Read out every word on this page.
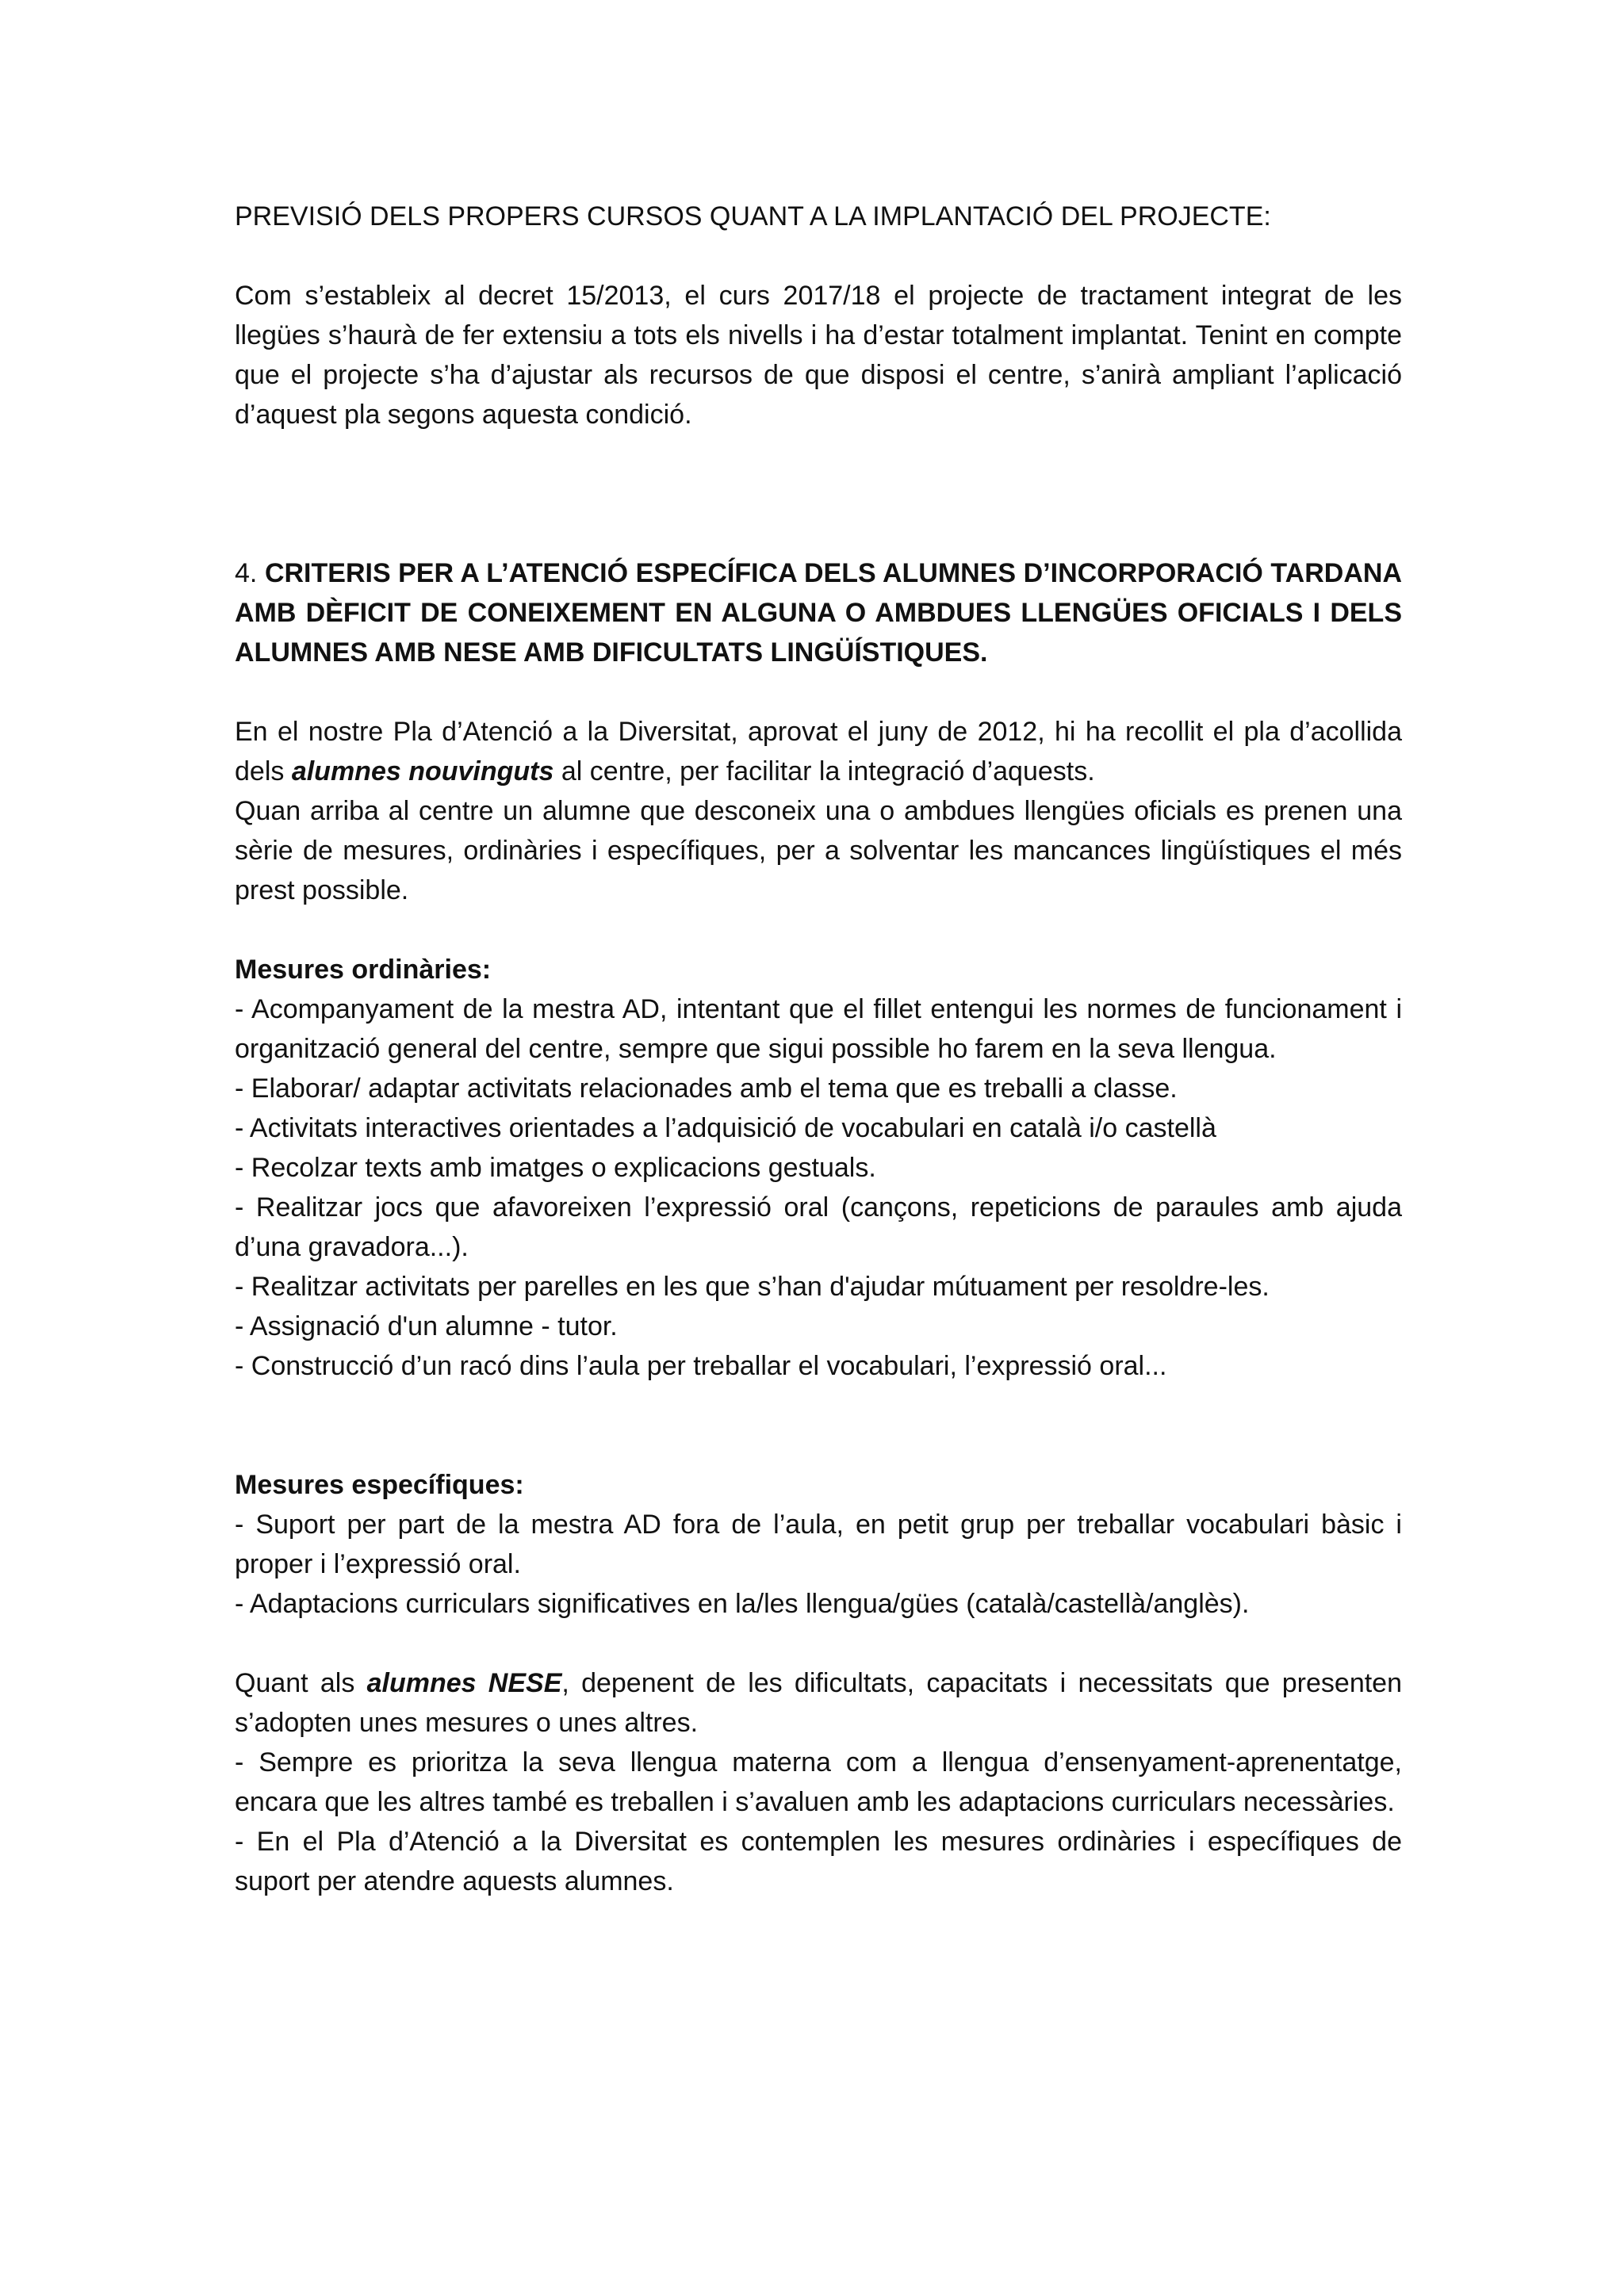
PREVISIÓ DELS PROPERS CURSOS QUANT A LA IMPLANTACIÓ DEL PROJECTE:

Com s’estableix al decret 15/2013, el curs 2017/18 el projecte de tractament integrat de les llegües s’haurà de fer extensiu a tots els nivells i ha d’estar totalment implantat. Tenint en compte que el projecte s’ha d’ajustar als recursos de que disposi el centre, s’anirà ampliant l’aplicació d’aquest pla segons aquesta condició.

4. CRITERIS PER A L’ATENCIÓ ESPECÍFICA DELS ALUMNES D’INCORPORACIÓ TARDANA AMB DÈFICIT DE CONEIXEMENT EN ALGUNA O AMBDUES LLENGÜES OFICIALS I DELS ALUMNES AMB NESE AMB DIFICULTATS LINGÜÍSTIQUES.

En el nostre Pla d’Atenció a la Diversitat, aprovat el juny de 2012, hi ha recollit el pla d’acollida dels alumnes nouvinguts al centre, per facilitar la integració d’aquests.

Quan arriba al centre un alumne que desconeix una o ambdues llengües oficials es prenen una sèrie de mesures, ordinàries i específiques, per a solventar les mancances lingüístiques el més prest possible.

Mesures ordinàries:

- Acompanyament de la mestra AD, intentant que el fillet entengui les normes de funcionament i organització general del centre, sempre que sigui possible ho farem en la seva llengua.

- Elaborar/ adaptar activitats relacionades amb el tema que es treballi a classe.

- Activitats interactives orientades a l’adquisició de vocabulari en català i/o castellà

- Recolzar texts amb imatges o explicacions gestuals.

- Realitzar jocs que afavoreixen l’expressió oral (cançons, repeticions de paraules amb ajuda d’una gravadora...).

- Realitzar activitats per parelles en les que s’han d'ajudar mútuament per resoldre-les.

- Assignació d'un alumne - tutor.

- Construcció d’un racó dins l’aula per treballar el vocabulari, l’expressió oral...

Mesures específiques:

- Suport per part de la mestra AD fora de l’aula, en petit grup per treballar vocabulari bàsic i proper i l’expressió oral.

- Adaptacions curriculars significatives en la/les llengua/gües (català/castellà/anglès).

Quant als alumnes NESE, depenent de les dificultats, capacitats i necessitats que presenten s’adopten unes mesures o unes altres.

- Sempre es prioritza la seva llengua materna com a llengua d’ensenyament-aprenentatge, encara que les altres també es treballen i s’avaluen amb les adaptacions curriculars necessàries.

- En el Pla d’Atenció a la Diversitat es contemplen les mesures ordinàries i específiques de suport per atendre aquests alumnes.
